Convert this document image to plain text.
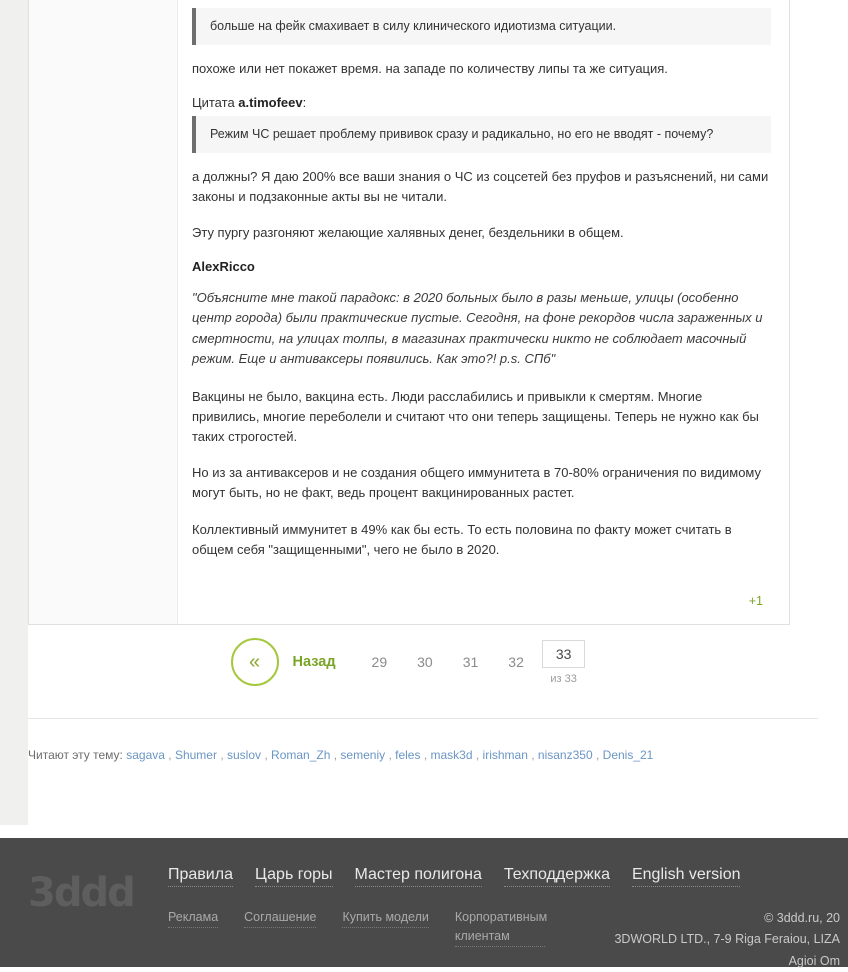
больше на фейк смахивает в силу клинического идиотизма ситуации.

похоже или нет покажет время. на западе по количеству липы та же ситуация.

Цитата a.timofeev:

Режим ЧС решает проблему прививок сразу и радикально, но его не вводят - почему?

а должны? Я даю 200% все ваши знания о ЧС из соцсетей без пруфов и разъяснений, ни сами законы и подзаконные акты вы не читали.

Эту пургу разгоняют желающие халявных денег, бездельники в общем.

AlexRicco

"Объясните мне такой парадокс: в 2020 больных было в разы меньше, улицы (особенно центр города) были практические пустые. Сегодня, на фоне рекордов числа зараженных и смертности, на улицах толпы, в магазинах практически никто не соблюдает масочный режим. Еще и антиваксеры появились. Как это?! p.s. СПб"

Вакцины не было, вакцина есть. Люди расслабились и привыкли к смертям. Многие привились, многие переболели и считают что они теперь защищены. Теперь не нужно как бы таких строгостей.

Но из за антиваксеров и не создания общего иммунитета в 70-80% ограничения по видимому могут быть, но не факт, ведь процент вакцинированных растет.

Коллективный иммунитет в 49% как бы есть. То есть половина по факту может считать в общем себя "защищенными", чего не было в 2020.

+1
«	Назад	29	30	31	32
33
из 33
Читают эту тему: sagava , Shumer , suslov , Roman_Zh , semeniy , feles , mask3d , irishman , nisanz350 , Denis_21
3ddd Правила Царь горы Мастер полигона Техподдержка English version
Реклама Соглашение Купить модели Корпоративным клиентам
© 3ddd.ru, 20
3DWORLD LTD., 7-9 Riga Feraiou, LIZA
Agioi Om
